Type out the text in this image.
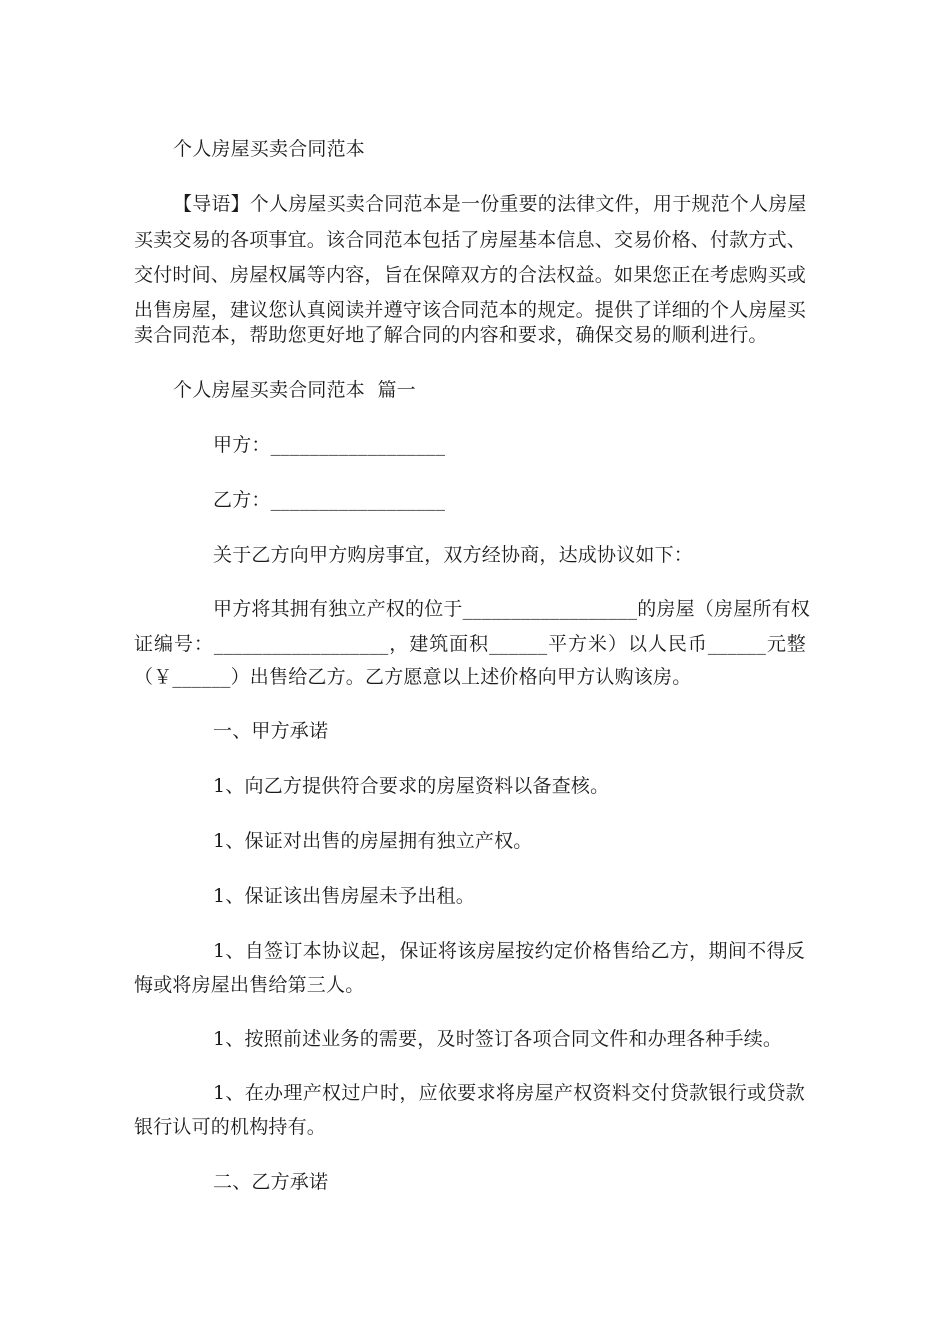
个人房屋买卖合同范本
【导语】个人房屋买卖合同范本是一份重要的法律文件，用于规范个人房屋
买卖交易的各项事宜。该合同范本包括了房屋基本信息、交易价格、付款方式、
交付时间、房屋权属等内容，旨在保障双方的合法权益。如果您正在考虑购买或
出售房屋，建议您认真阅读并遵守该合同范本的规定。提供了详细的个人房屋买
卖合同范本，帮助您更好地了解合同的内容和要求，确保交易的顺利进行。
个人房屋买卖合同范本  篇一
甲方：__________________
乙方：__________________
关于乙方向甲方购房事宜，双方经协商，达成协议如下：
甲方将其拥有独立产权的位于__________________的房屋（房屋所有权
证编号：__________________，建筑面积______平方米）以人民币______元整
（￥______）出售给乙方。乙方愿意以上述价格向甲方认购该房。
一、甲方承诺
1、向乙方提供符合要求的房屋资料以备查核。
1、保证对出售的房屋拥有独立产权。
1、保证该出售房屋未予出租。
1、自签订本协议起，保证将该房屋按约定价格售给乙方，期间不得反
悔或将房屋出售给第三人。
1、按照前述业务的需要，及时签订各项合同文件和办理各种手续。
1、在办理产权过户时，应依要求将房屋产权资料交付贷款银行或贷款
银行认可的机构持有。
二、乙方承诺
